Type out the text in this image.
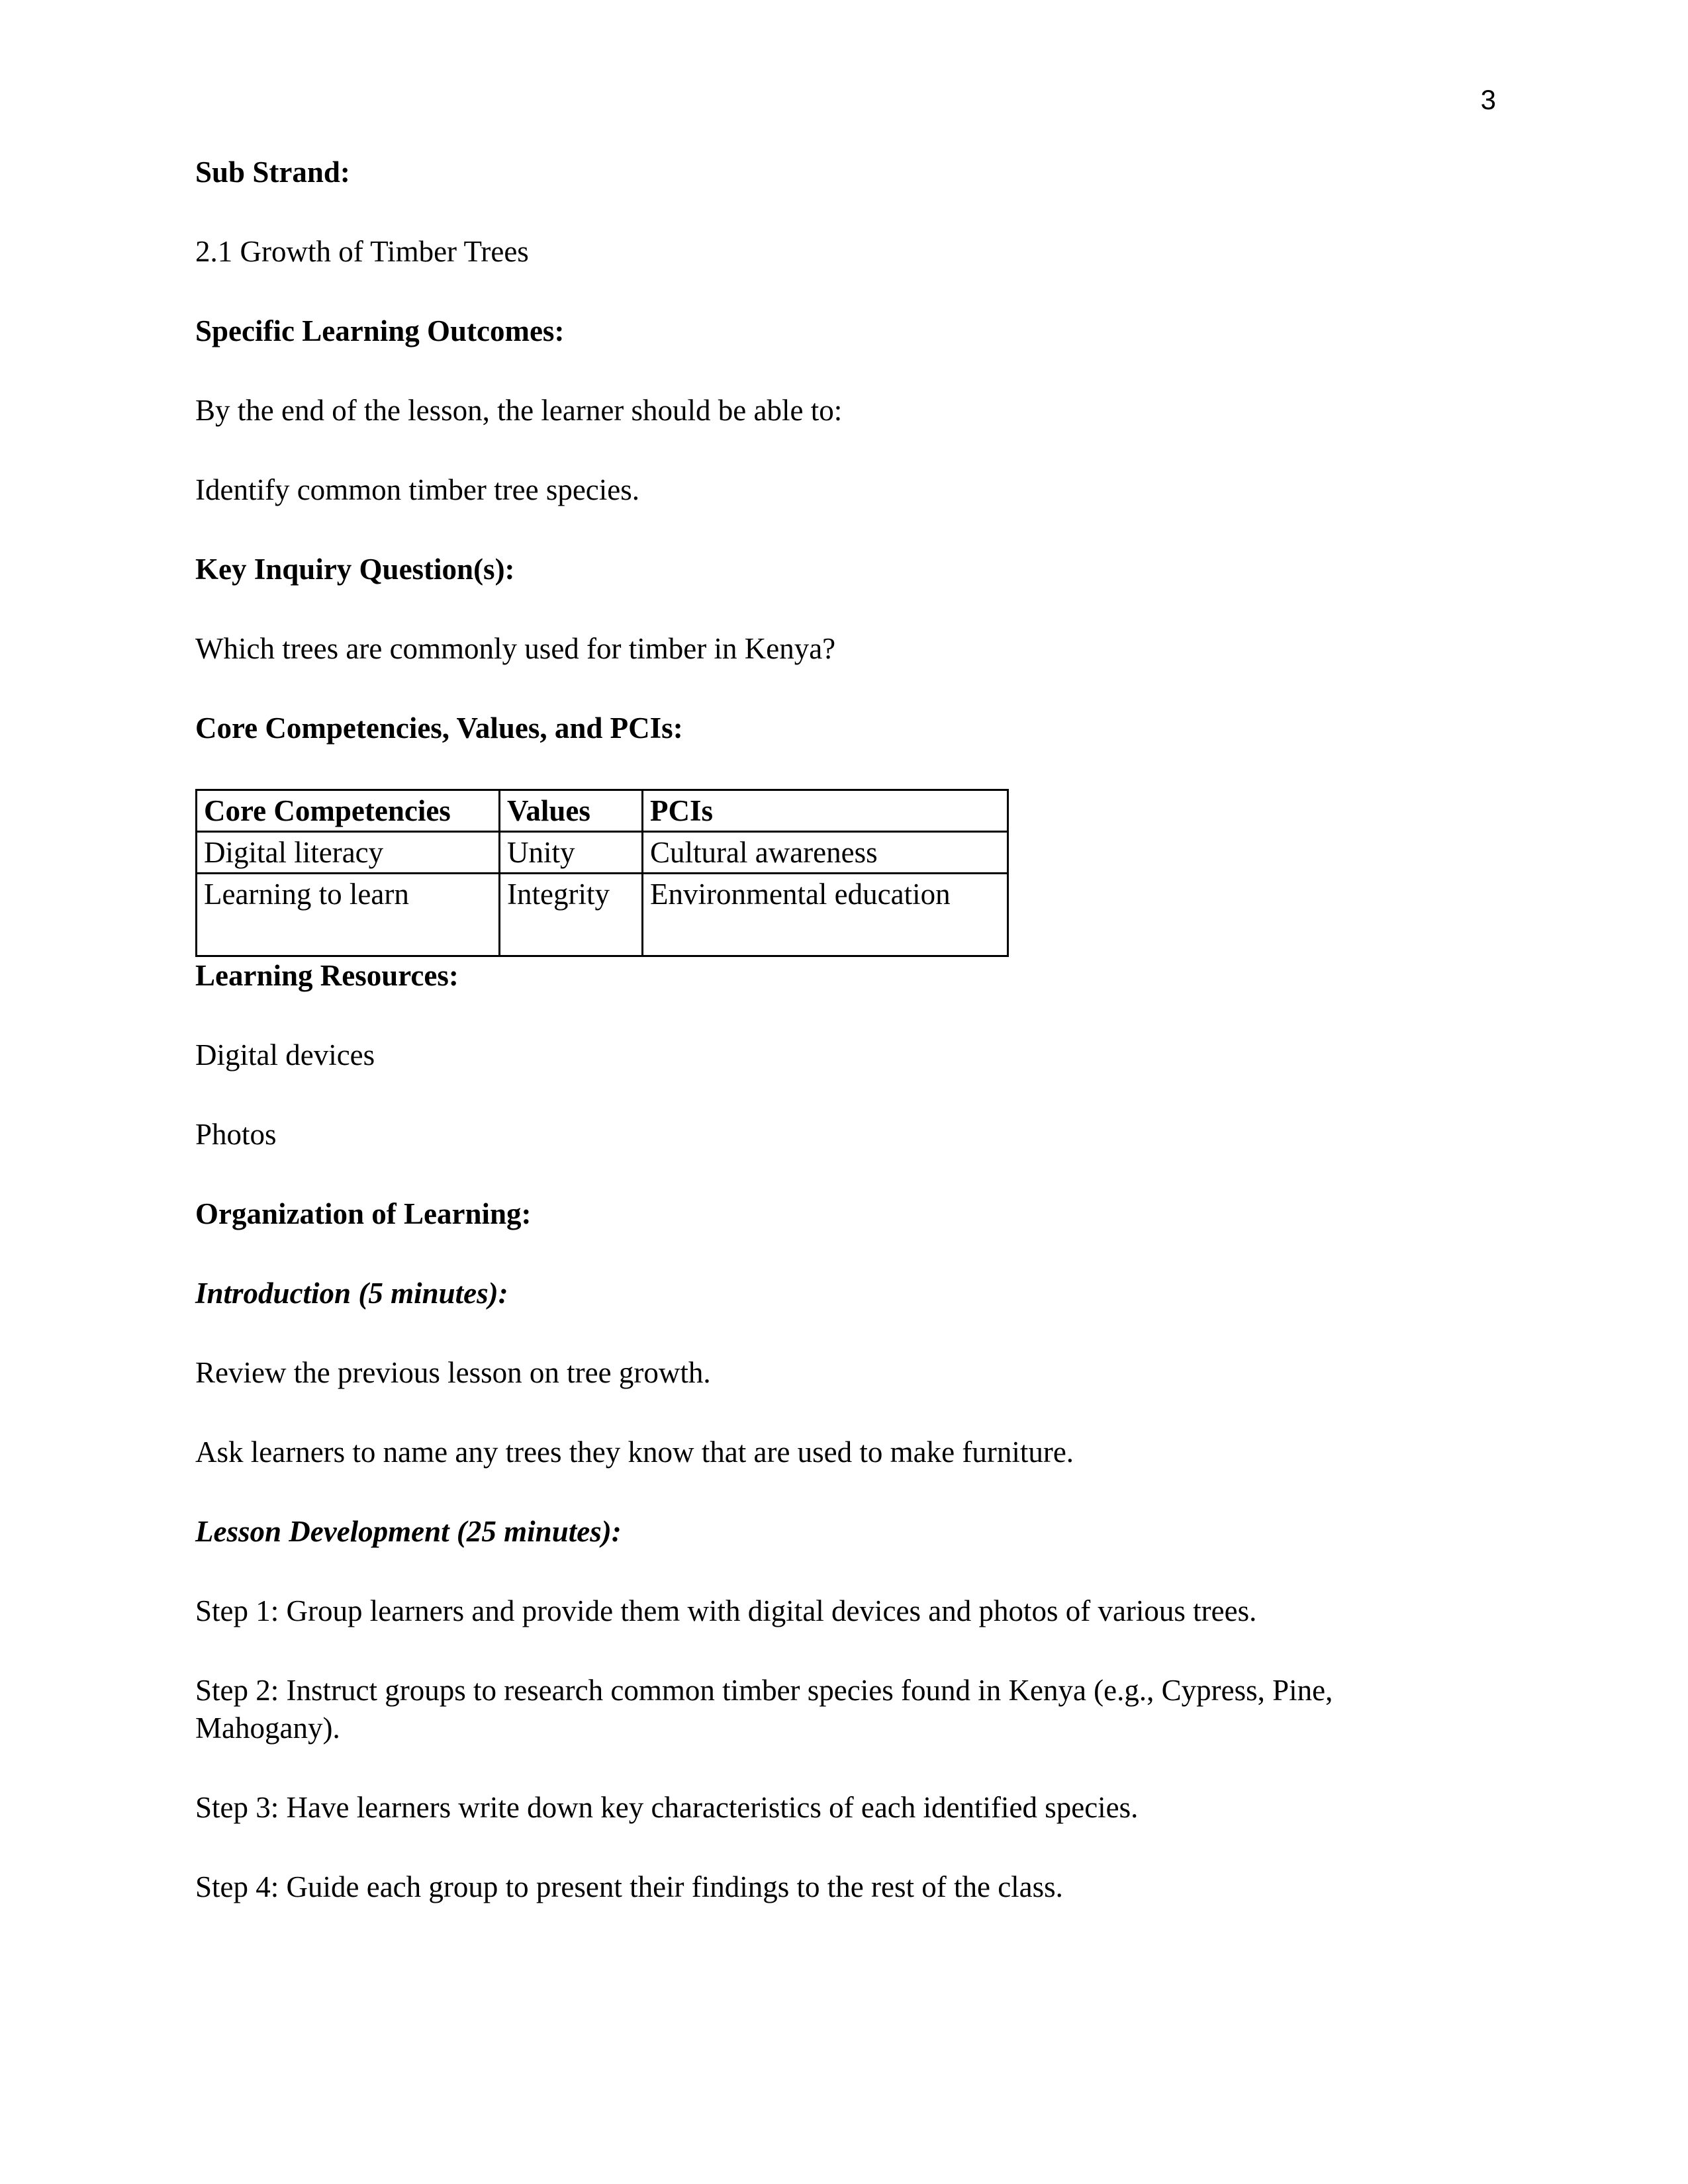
3

Sub Strand:

2.1 Growth of Timber Trees

Specific Learning Outcomes:

By the end of the lesson, the learner should be able to:

Identify common timber tree species.

Key Inquiry Question(s):

Which trees are commonly used for timber in Kenya?

Core Competencies, Values, and PCIs:

Core Competencies	Values	PCIs
Digital literacy	Unity	Cultural awareness
Learning to learn	Integrity	Environmental education

Learning Resources:

Digital devices

Photos

Organization of Learning:

Introduction (5 minutes):

Review the previous lesson on tree growth.

Ask learners to name any trees they know that are used to make furniture.

Lesson Development (25 minutes):

Step 1: Group learners and provide them with digital devices and photos of various trees.

Step 2: Instruct groups to research common timber species found in Kenya (e.g., Cypress, Pine, Mahogany).

Step 3: Have learners write down key characteristics of each identified species.

Step 4: Guide each group to present their findings to the rest of the class.
